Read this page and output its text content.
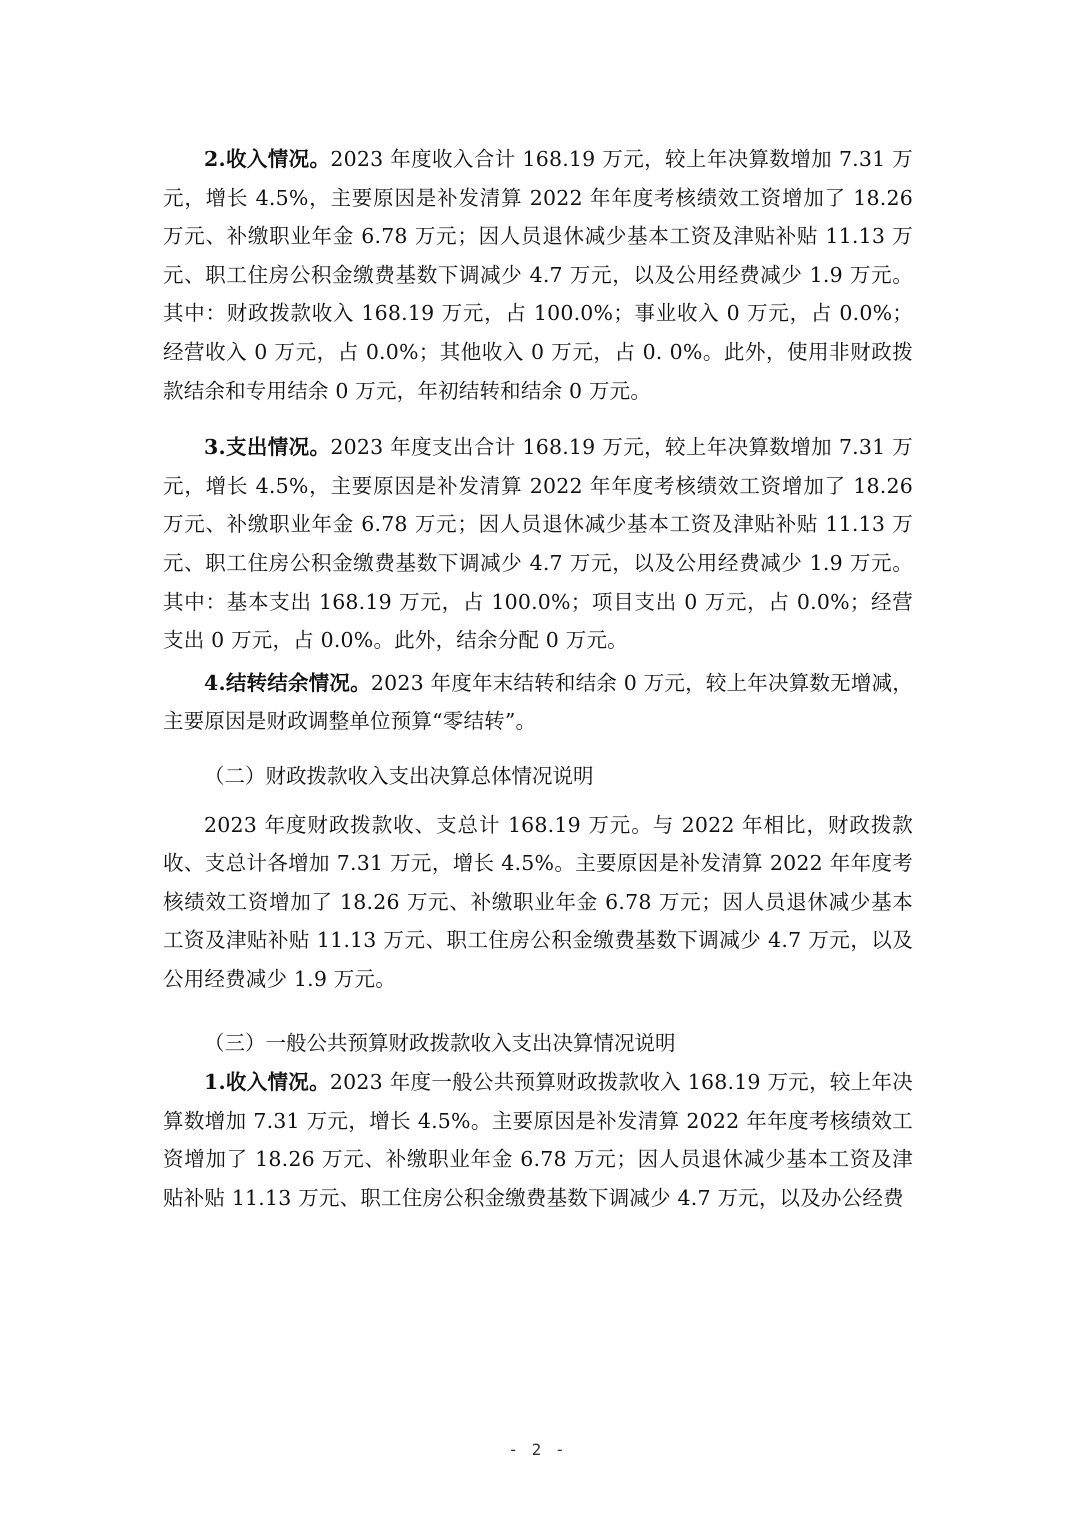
2.收入情况。2023 年度收入合计 168.19 万元，较上年决算数增加 7.31 万元，增长 4.5%，主要原因是补发清算 2022 年年度考核绩效工资增加了 18.26 万元、补缴职业年金 6.78 万元；因人员退休减少基本工资及津贴补贴 11.13 万元、职工住房公积金缴费基数下调减少 4.7 万元，以及公用经费减少 1.9 万元。其中：财政拨款收入 168.19 万元，占 100.0%；事业收入 0 万元，占 0.0%；经营收入 0 万元，占 0.0%；其他收入 0 万元，占 0. 0%。此外，使用非财政拨款结余和专用结余 0 万元，年初结转和结余 0 万元。

3.支出情况。2023 年度支出合计 168.19 万元，较上年决算数增加 7.31 万元，增长 4.5%，主要原因是补发清算 2022 年年度考核绩效工资增加了 18.26 万元、补缴职业年金 6.78 万元；因人员退休减少基本工资及津贴补贴 11.13 万元、职工住房公积金缴费基数下调减少 4.7 万元，以及公用经费减少 1.9 万元。其中：基本支出 168.19 万元，占 100.0%；项目支出 0 万元，占 0.0%；经营支出 0 万元，占 0.0%。此外，结余分配 0 万元。

4.结转结余情况。2023 年度年末结转和结余 0 万元，较上年决算数无增减，主要原因是财政调整单位预算“零结转”。

（二）财政拨款收入支出决算总体情况说明

2023 年度财政拨款收、支总计 168.19 万元。与 2022 年相比，财政拨款收、支总计各增加 7.31 万元，增长 4.5%。主要原因是补发清算 2022 年年度考核绩效工资增加了 18.26 万元、补缴职业年金 6.78 万元；因人员退休减少基本工资及津贴补贴 11.13 万元、职工住房公积金缴费基数下调减少 4.7 万元，以及公用经费减少 1.9 万元。

（三）一般公共预算财政拨款收入支出决算情况说明

1.收入情况。2023 年度一般公共预算财政拨款收入 168.19 万元，较上年决算数增加 7.31 万元，增长 4.5%。主要原因是补发清算 2022 年年度考核绩效工资增加了 18.26 万元、补缴职业年金 6.78 万元；因人员退休减少基本工资及津贴补贴 11.13 万元、职工住房公积金缴费基数下调减少 4.7 万元，以及办公经费

- 2 -
